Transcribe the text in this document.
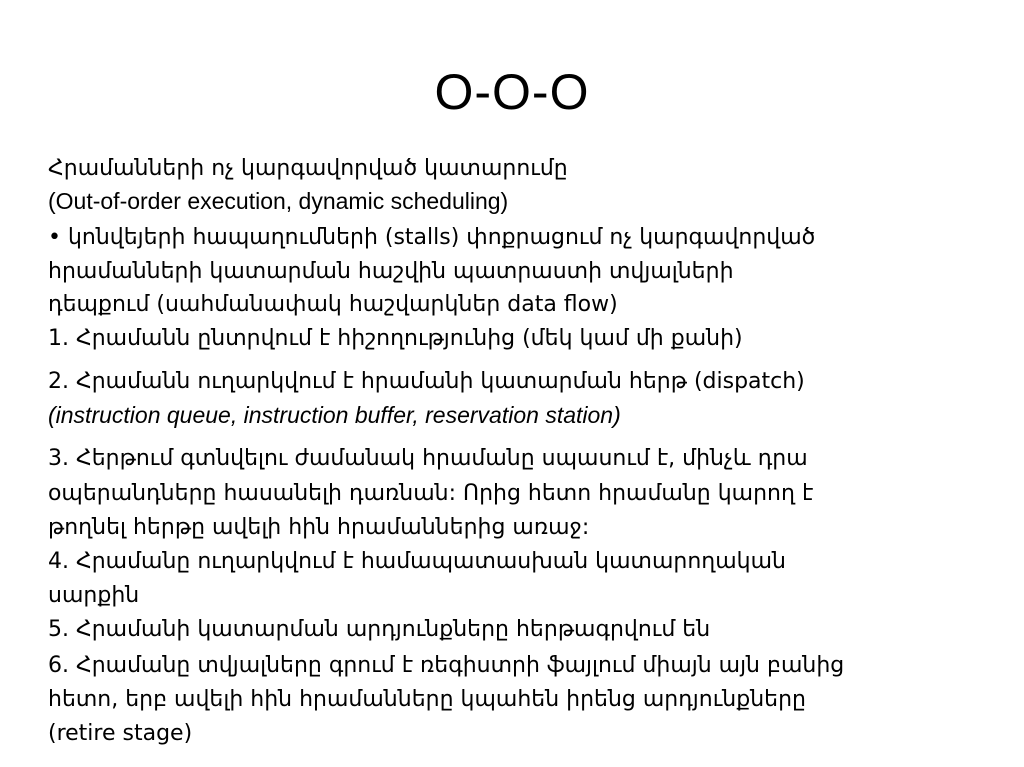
O-O-O
Հրամանների ոչ կարգավորված կատարումը
(Out-of-order execution, dynamic scheduling)
• կոնվեյերի հապաղումների (stalls) փոքրացում ոչ կարգավորված
հրամանների կատարման հաշվին պատրաստի տվյալների
դեպքում (սահմանափակ հաշվարկներ data flow)
1. Հրամանն ընտրվում է հիշողությունից (մեկ կամ մի քանի)
2. Հրամանն ուղարկվում է հրամանի կատարման հերթ (dispatch)
(instruction queue, instruction buffer, reservation station)
3. Հերթում գտնվելու ժամանակ հրամանը սպասում է, մինչև դրա
օպերանդները հասանելի դառնան: Որից հետո հրամանը կարող է
թողնել հերթը ավելի հին հրամաններից առաջ:
4. Հրամանը ուղարկվում է համապատասխան կատարողական
սարքին
5. Հրամանի կատարման արդյունքները հերթագրվում են
6. Հրամանը տվյալները գրում է ռեգիստրի ֆայլում միայն այն բանից
հետո, երբ ավելի հին հրամանները կպահեն իրենց արդյունքները
(retire stage)
